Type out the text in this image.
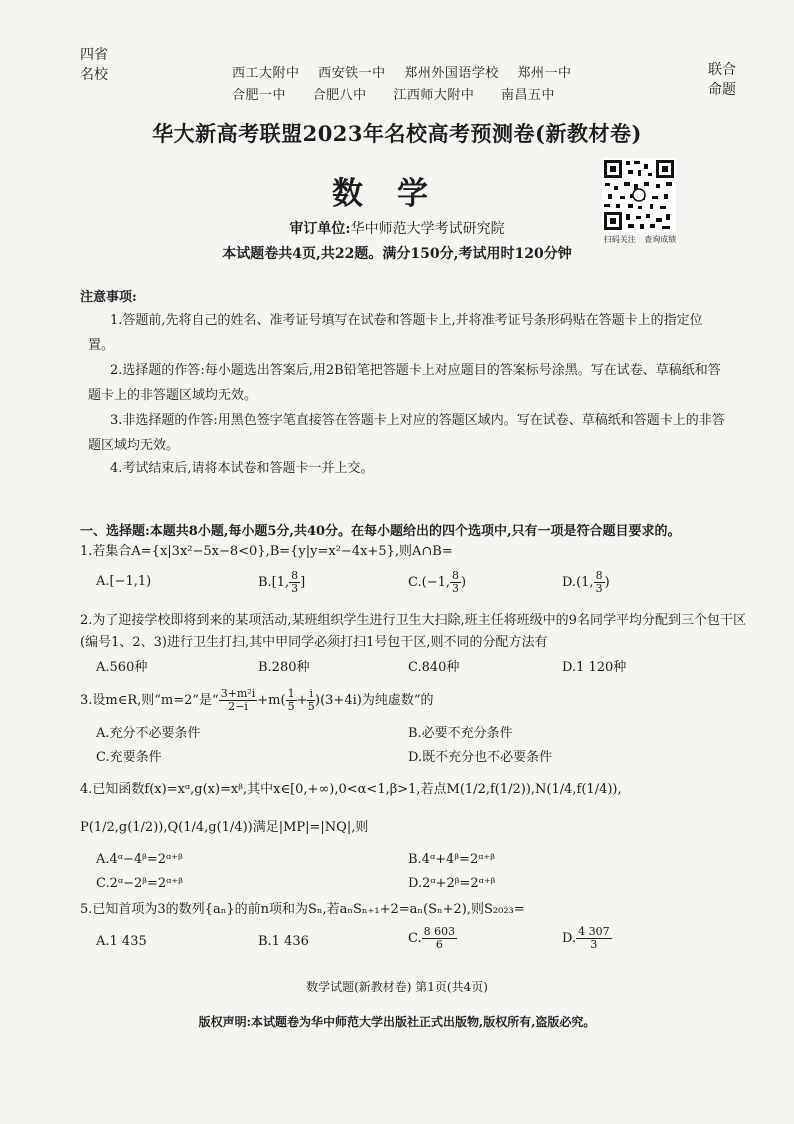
四省
名校	联合
命题
西工大附中 西安铁一中 郑州外国语学校 郑州一中
合肥一中 合肥八中 江西师大附中 南昌五中
华大新高考联盟2023年名校高考预测卷(新教材卷)
数学
扫码关注 查询成绩
审订单位:华中师范大学考试研究院
本试题卷共4页,共22题。满分150分,考试用时120分钟
注意事项:
1.答题前,先将自己的姓名、准考证号填写在试卷和答题卡上,并将准考证号条形码贴在答题卡上的指定位置。
2.选择题的作答:每小题选出答案后,用2B铅笔把答题卡上对应题目的答案标号涂黑。写在试卷、草稿纸和答题卡上的非答题区域均无效。
3.非选择题的作答:用黑色签字笔直接答在答题卡上对应的答题区域内。写在试卷、草稿纸和答题卡上的非答题区域均无效。
4.考试结束后,请将本试卷和答题卡一并上交。
一、选择题:本题共8小题,每小题5分,共40分。在每小题给出的四个选项中,只有一项是符合题目要求的。
1.若集合A={x|3x²−5x−8<0},B={y|y=x²−4x+5},则A∩B=
A.[−1,1)	B.[1, $\frac{8}{3}$ ]	C.(−1, $\frac{8}{3}$ )	D.(1, $\frac{8}{3}$ )
2.为了迎接学校即将到来的某项活动,某班组织学生进行卫生大扫除,班主任将班级中的9名同学平均分配到三个包干区(编号1、2、3)进行卫生打扫,其中甲同学必须打扫1号包干区,则不同的分配方法有
A.560种	B.280种	C.840种	D.1 120种
3.设m∈R,则“m=2”是“ $\frac{\text{3+m²i}}{2-i} +m( \frac{1}{5} + \frac{i}{5} )(3+4i)$为纯虚数”的
A.充分不必要条件	B.必要不充分条件
C.充要条件	D.既不充分也不必要条件
4.已知函数f(x)=xᵅ,g(x)=xᵝ,其中x∈[0,+∞),0<α<1,β>1,若点M(1/2,f(1/2)),N(1/4,f(1/4)),
P(1/2,g(1/2)),Q(1/4,g(1/4))满足|MP|=|NQ|,则
A.4ᵅ−4ᵝ=2ᵅ⁺ᵝ	B.4ᵅ+4ᵝ=2ᵅ⁺ᵝ
C.2ᵅ−2ᵝ=2ᵅ⁺ᵝ	D.2ᵅ+2ᵝ=2ᵅ⁺ᵝ
5.已知首项为3的数列{aₙ}的前n项和为Sₙ,若aₙSₙ₊₁+2=aₙ(Sₙ+2),则S₂₀₂₃=
A.1 435	B.1 436	C. $\frac{8 603}{6}$	D. $\frac{4 307}{3}$
数学试题(新教材卷) 第1页(共4页)
版权声明:本试题卷为华中师范大学出版社正式出版物,版权所有,盗版必究。
